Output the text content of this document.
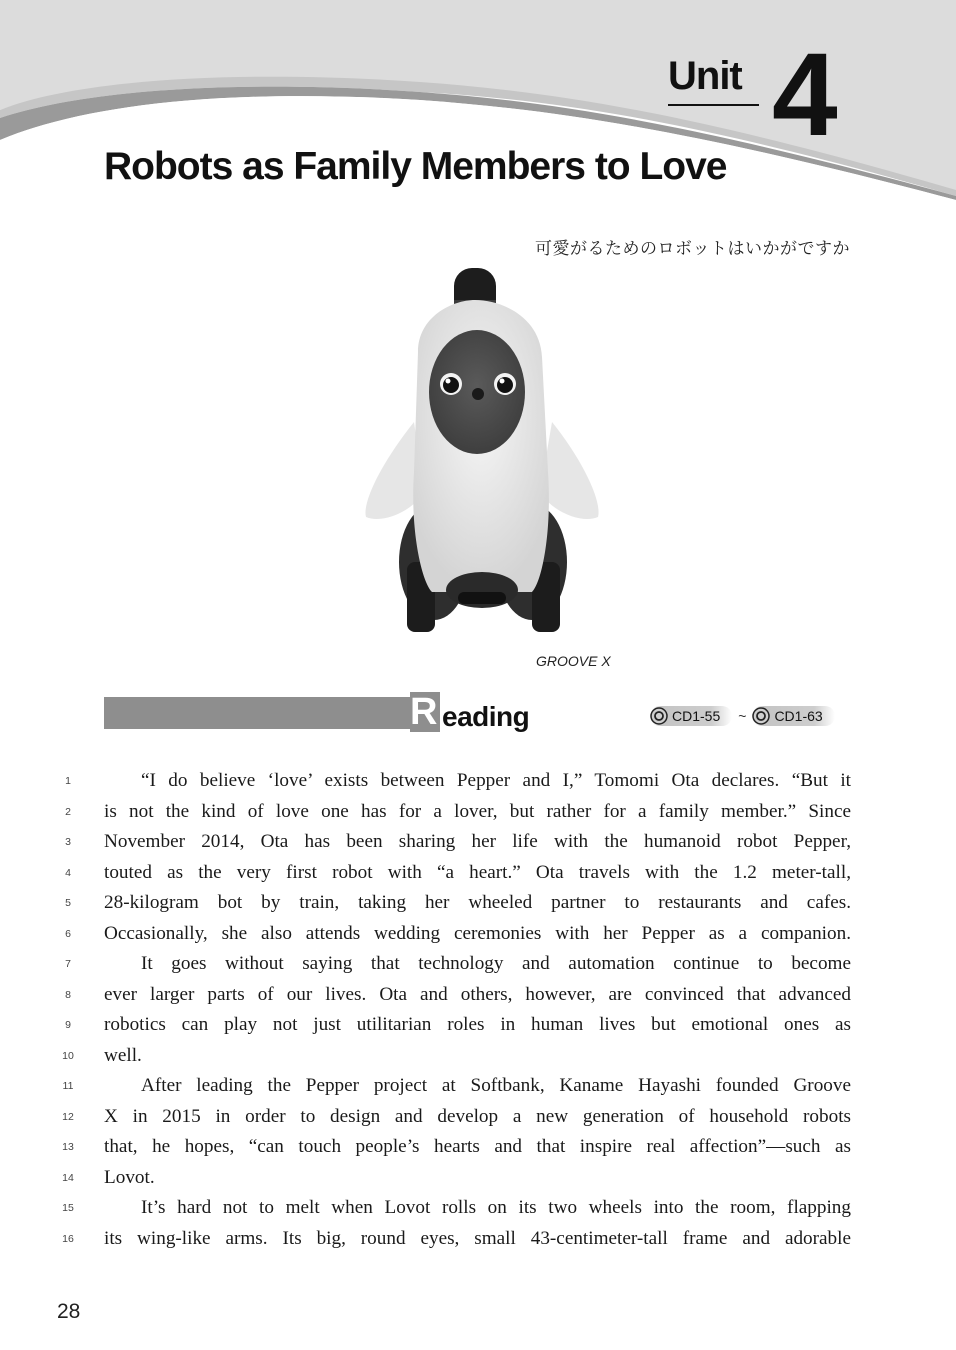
Unit 4
Robots as Family Members to Love
可愛がるためのロボットはいかがですか
GROOVE X
R eading	CD1-55 ~ CD1-63
1	“I do believe ‘love’ exists between Pepper and I,” Tomomi Ota declares. “But it
2	is not the kind of love one has for a lover, but rather for a family member.” Since
3	November 2014, Ota has been sharing her life with the humanoid robot Pepper,
4	touted as the very first robot with “a heart.” Ota travels with the 1.2 meter-tall,
5	28-kilogram bot by train, taking her wheeled partner to restaurants and cafes.
6	Occasionally, she also attends wedding ceremonies with her Pepper as a companion.
7	It goes without saying that technology and automation continue to become
8	ever larger parts of our lives. Ota and others, however, are convinced that advanced
9	robotics can play not just utilitarian roles in human lives but emotional ones as
10	well.
11	After leading the Pepper project at Softbank, Kaname Hayashi founded Groove
12	X in 2015 in order to design and develop a new generation of household robots
13	that, he hopes, “can touch people’s hearts and that inspire real affection”—such as
14	Lovot.
15	It’s hard not to melt when Lovot rolls on its two wheels into the room, flapping
16	its wing-like arms. Its big, round eyes, small 43-centimeter-tall frame and adorable
28
